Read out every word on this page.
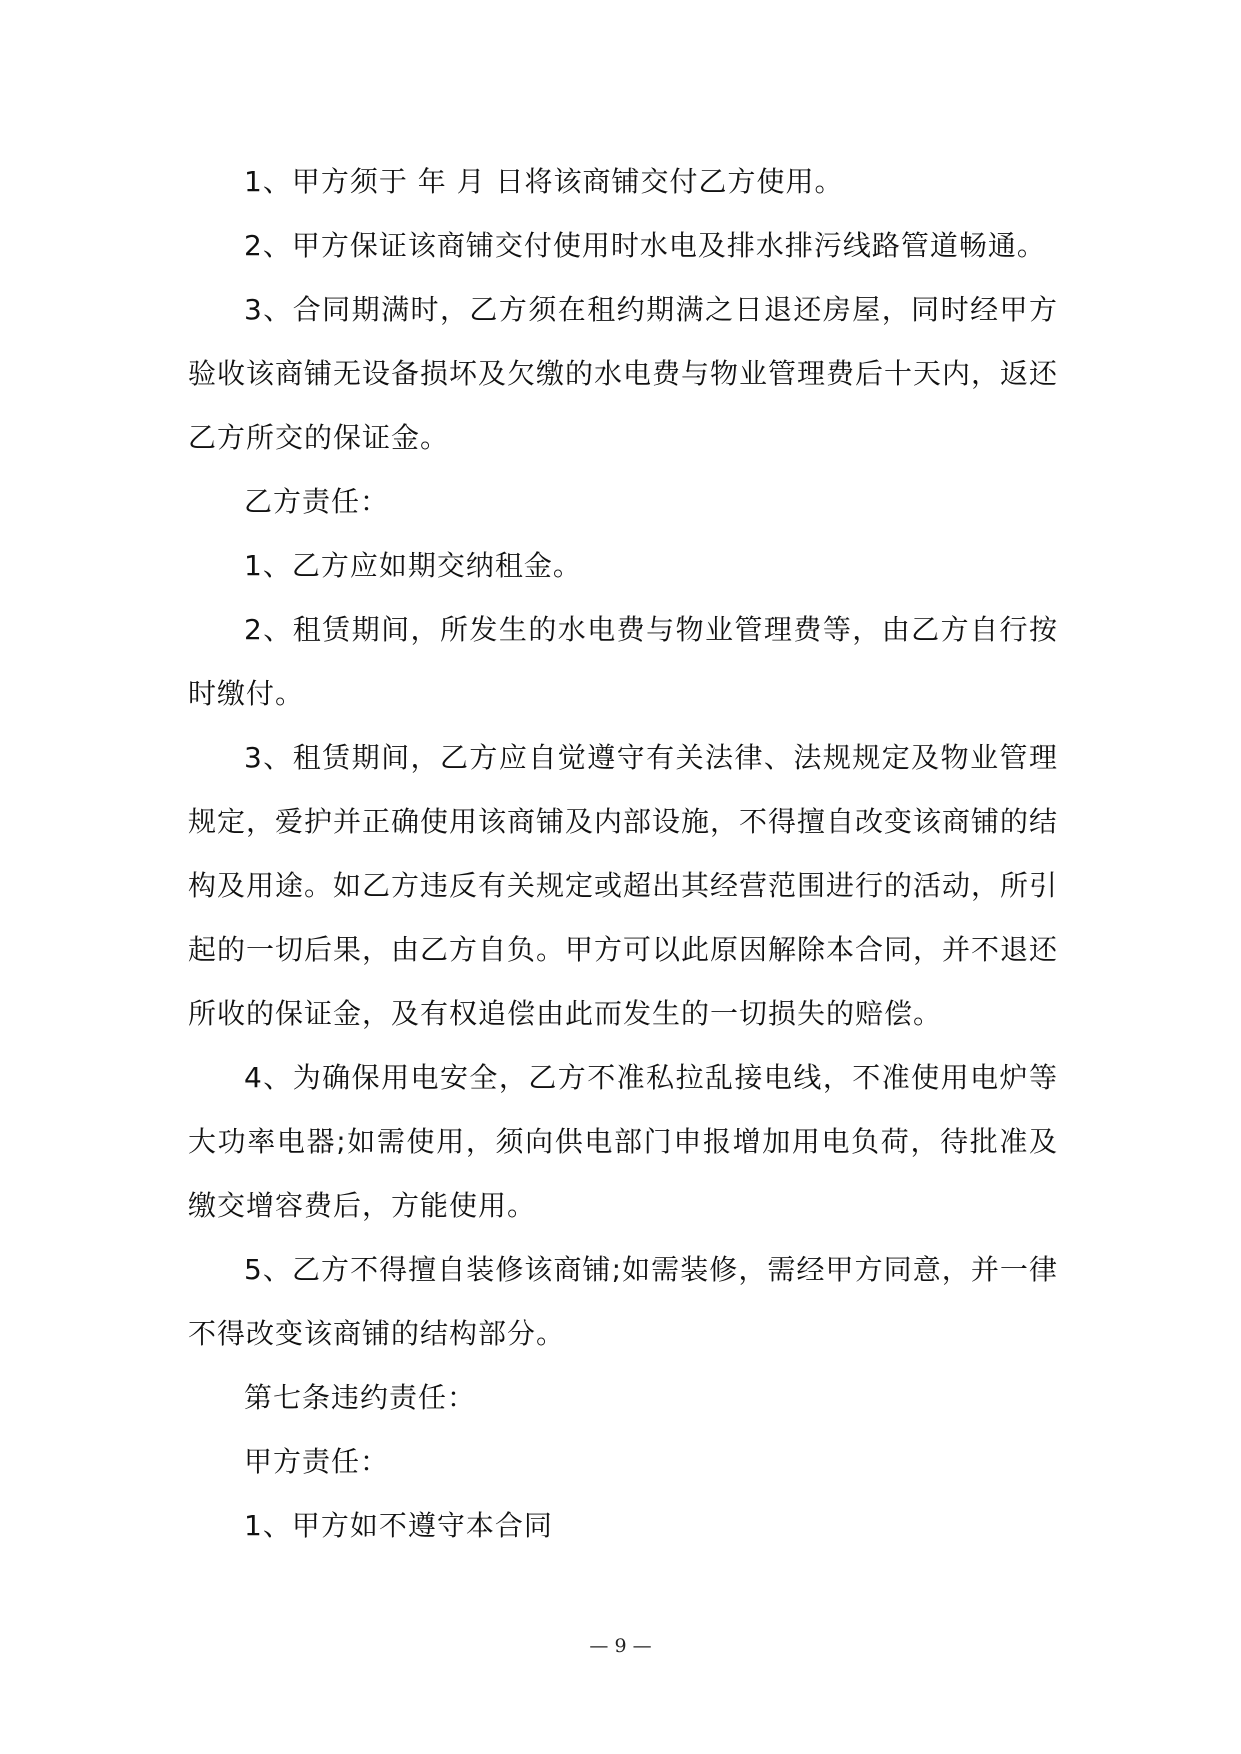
1、甲方须于 年 月 日将该商铺交付乙方使用。

2、甲方保证该商铺交付使用时水电及排水排污线路管道畅通。

3、合同期满时，乙方须在租约期满之日退还房屋，同时经甲方验收该商铺无设备损坏及欠缴的水电费与物业管理费后十天内，返还乙方所交的保证金。

乙方责任：

1、乙方应如期交纳租金。

2、租赁期间，所发生的水电费与物业管理费等，由乙方自行按时缴付。

3、租赁期间，乙方应自觉遵守有关法律、法规规定及物业管理规定，爱护并正确使用该商铺及内部设施，不得擅自改变该商铺的结构及用途。如乙方违反有关规定或超出其经营范围进行的活动，所引起的一切后果，由乙方自负。甲方可以此原因解除本合同，并不退还所收的保证金，及有权追偿由此而发生的一切损失的赔偿。

4、为确保用电安全，乙方不准私拉乱接电线，不准使用电炉等大功率电器;如需使用，须向供电部门申报增加用电负荷，待批准及缴交增容费后，方能使用。

5、乙方不得擅自装修该商铺;如需装修，需经甲方同意，并一律不得改变该商铺的结构部分。

第七条违约责任：

甲方责任：

1、甲方如不遵守本合同

— 9 —
